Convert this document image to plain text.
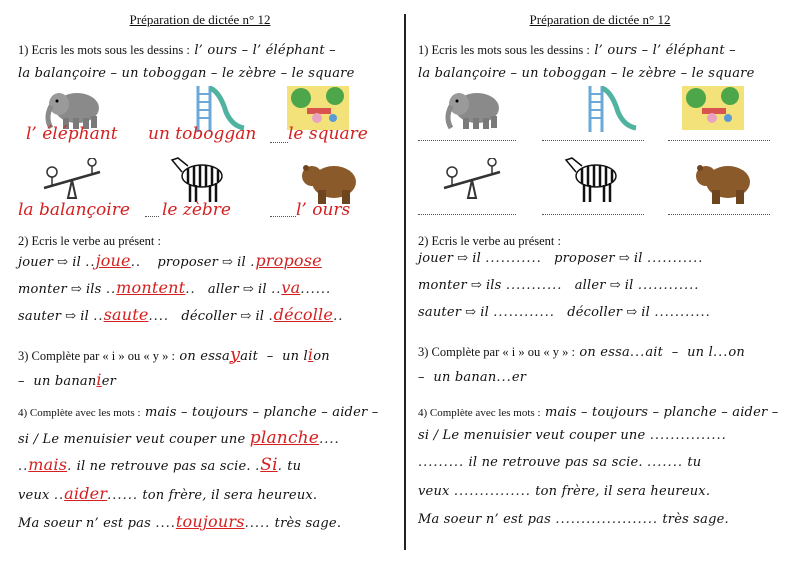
Préparation de dictée n° 12
1) Ecris les mots sous les dessins : l’ ours – l’ éléphant –
la balançoire – un toboggan – le zèbre – le square
l’ éléphant un toboggan le square
la balançoire le zèbre	l’ ours
2) Ecris le verbe au présent :
jouer ⇨ il ..joue.. proposer ⇨ il .propose
monter ⇨ ils ..montent.. aller ⇨ il ..va......
sauter ⇨ il ..saute.... décoller ⇨ il .décolle..
3) Complète par « i » ou « y » : on essayait – un lion
– un bananier
4) Complète avec les mots : mais – toujours – planche – aider –
si / Le menuisier veut couper une planche....
..mais. il ne retrouve pas sa scie. .Si. tu
veux ..aider...... ton frère, il sera heureux.
Ma soeur n’ est pas ....toujours..... très sage.
Préparation de dictée n° 12
1) Ecris les mots sous les dessins : l’ ours – l’ éléphant –
la balançoire – un toboggan – le zèbre – le square
2) Ecris le verbe au présent :
jouer ⇨ il ........... proposer ⇨ il ...........
monter ⇨ ils ........... aller ⇨ il ............
sauter ⇨ il ............ décoller ⇨ il ...........
3) Complète par « i » ou « y » : on essa...ait – un l...on
– un banan...er
4) Complète avec les mots : mais – toujours – planche – aider –
si / Le menuisier veut couper une ...............
......... il ne retrouve pas sa scie. ....... tu
veux ............... ton frère, il sera heureux.
Ma soeur n’ est pas .................... très sage.
